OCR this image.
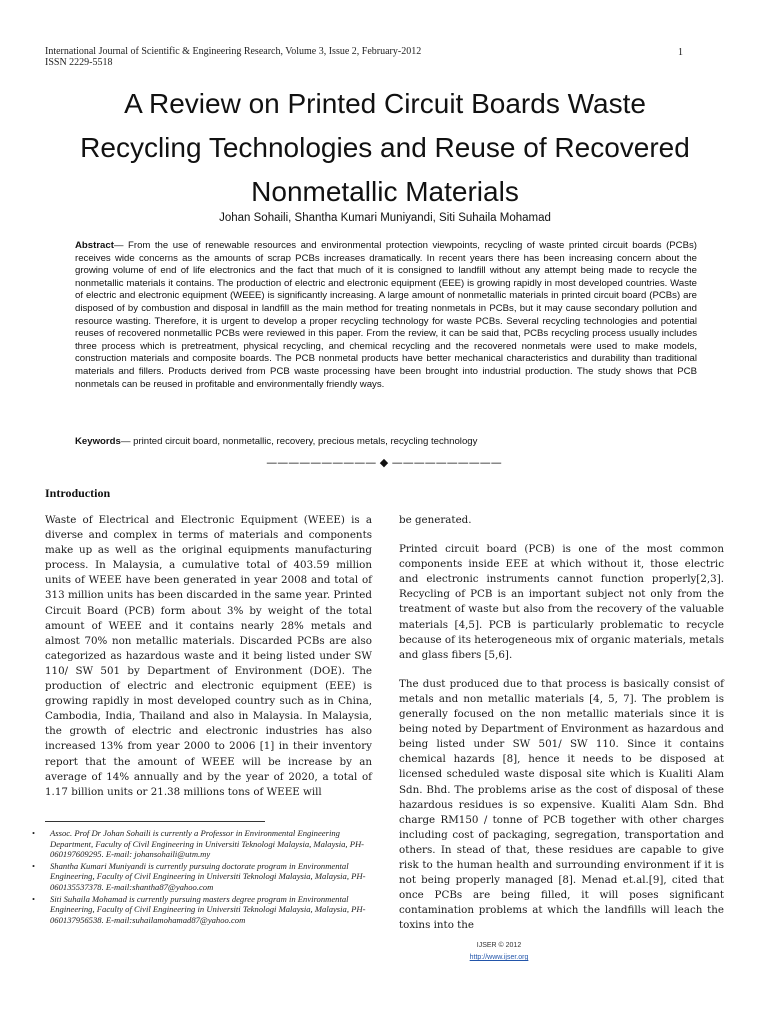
International Journal of Scientific & Engineering Research, Volume 3, Issue 2, February-2012
ISSN 2229-5518
1
A Review on Printed Circuit Boards Waste Recycling Technologies and Reuse of Recovered Nonmetallic Materials
Johan Sohaili, Shantha Kumari Muniyandi, Siti Suhaila Mohamad
Abstract— From the use of renewable resources and environmental protection viewpoints, recycling of waste printed circuit boards (PCBs) receives wide concerns as the amounts of scrap PCBs increases dramatically. In recent years there has been increasing concern about the growing volume of end of life electronics and the fact that much of it is consigned to landfill without any attempt being made to recycle the nonmetallic materials it contains. The production of electric and electronic equipment (EEE) is growing rapidly in most developed countries. Waste of electric and electronic equipment (WEEE) is significantly increasing. A large amount of nonmetallic materials in printed circuit board (PCBs) are disposed of by combustion and disposal in landfill as the main method for treating nonmetals in PCBs, but it may cause secondary pollution and resource wasting. Therefore, it is urgent to develop a proper recycling technology for waste PCBs. Several recycling technologies and potential reuses of recovered nonmetallic PCBs were reviewed in this paper. From the review, it can be said that, PCBs recycling process usually includes three process which is pretreatment, physical recycling, and chemical recycling and the recovered nonmetals were used to make models, construction materials and composite boards. The PCB nonmetal products have better mechanical characteristics and durability than traditional materials and fillers. Products derived from PCB waste processing have been brought into industrial production. The study shows that PCB nonmetals can be reused in profitable and environmentally friendly ways.
Keywords— printed circuit board, nonmetallic, recovery, precious metals, recycling technology
—————————— ◆ ——————————
Introduction

Waste of Electrical and Electronic Equipment (WEEE) is a diverse and complex in terms of materials and components make up as well as the original equipments manufacturing process. In Malaysia, a cumulative total of 403.59 million units of WEEE have been generated in year 2008 and total of 313 million units has been discarded in the same year. Printed Circuit Board (PCB) form about 3% by weight of the total amount of WEEE and it contains nearly 28% metals and almost 70% non metallic materials. Discarded PCBs are also categorized as hazardous waste and it being listed under SW 110/ SW 501 by Department of Environment (DOE). The production of electric and electronic equipment (EEE) is growing rapidly in most developed country such as in China, Cambodia, India, Thailand and also in Malaysia. In Malaysia, the growth of electric and electronic industries has also increased 13% from year 2000 to 2006 [1] in their inventory report that the amount of WEEE will be increase by an average of 14% annually and by the year of 2020, a total of 1.17 billion units or 21.38 millions tons of WEEE will

be generated.

Printed circuit board (PCB) is one of the most common components inside EEE at which without it, those electric and electronic instruments cannot function properly[2,3]. Recycling of PCB is an important subject not only from the treatment of waste but also from the recovery of the valuable materials [4,5]. PCB is particularly problematic to recycle because of its heterogeneous mix of organic materials, metals and glass fibers [5,6].

The dust produced due to that process is basically consist of metals and non metallic materials [4, 5, 7]. The problem is generally focused on the non metallic materials since it is being noted by Department of Environment as hazardous and being listed under SW 501/ SW 110. Since it contains chemical hazards [8], hence it needs to be disposed at licensed scheduled waste disposal site which is Kualiti Alam Sdn. Bhd. The problems arise as the cost of disposal of these hazardous residues is so expensive. Kualiti Alam Sdn. Bhd charge RM150 / tonne of PCB together with other charges including cost of packaging, segregation, transportation and others. In stead of that, these residues are capable to give risk to the human health and surrounding environment if it is not being properly managed [8]. Menad et.al.[9], cited that once PCBs are being filled, it will poses significant contamination problems at which the landfills will leach the toxins into the

• Assoc. Prof Dr Johan Sohaili is currently a Professor in Environmental Engineering Department, Faculty of Civil Engineering in Universiti Teknologi Malaysia, Malaysia, PH-060197609295. E-mail: johansohaili@utm.my
• Shantha Kumari Muniyandi is currently pursuing doctorate program in Environmental Engineering, Faculty of Civil Engineering in Universiti Teknologi Malaysia, Malaysia, PH- 060135537378. E-mail:shantha87@yahoo.com
• Siti Suhaila Mohamad is currently pursuing masters degree program in Environmental Engineering, Faculty of Civil Engineering in Universiti Teknologi Malaysia, Malaysia, PH- 060137956538. E-mail:suhailamohamad87@yahoo.com
IJSER © 2012
http://www.ijser.org
